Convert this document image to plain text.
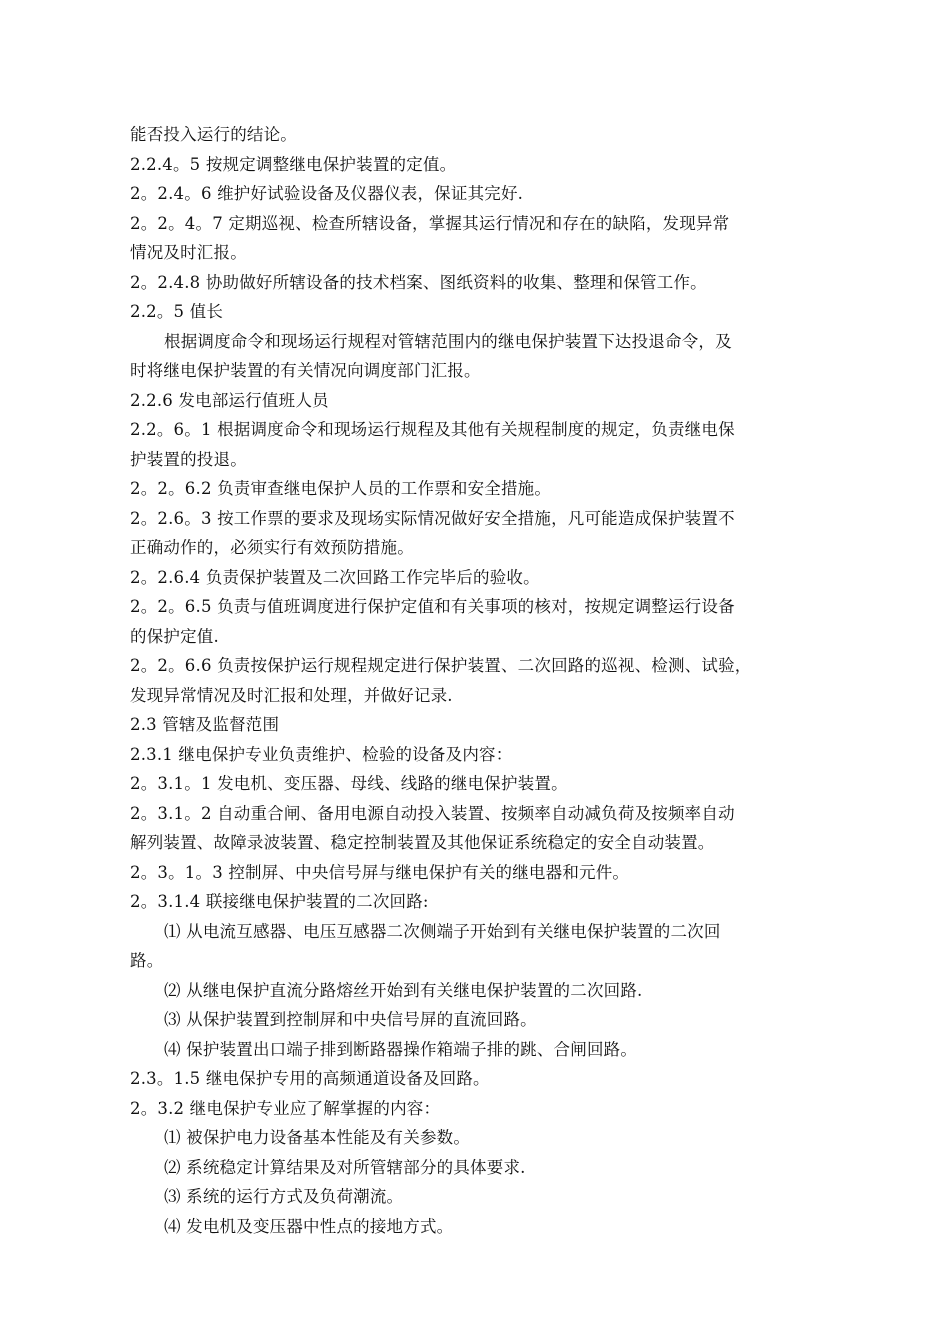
能否投入运行的结论。
2.2.4。5 按规定调整继电保护装置的定值。
2。2.4。6 维护好试验设备及仪器仪表，保证其完好.
2。2。4。7 定期巡视、检查所辖设备，掌握其运行情况和存在的缺陷，发现异常
情况及时汇报。
2。2.4.8 协助做好所辖设备的技术档案、图纸资料的收集、整理和保管工作。
2.2。5 值长
根据调度命令和现场运行规程对管辖范围内的继电保护装置下达投退命令，及
时将继电保护装置的有关情况向调度部门汇报。
2.2.6 发电部运行值班人员
2.2。6。1 根据调度命令和现场运行规程及其他有关规程制度的规定，负责继电保
护装置的投退。
2。2。6.2 负责审查继电保护人员的工作票和安全措施。
2。2.6。3 按工作票的要求及现场实际情况做好安全措施，凡可能造成保护装置不
正确动作的，必须实行有效预防措施。
2。2.6.4 负责保护装置及二次回路工作完毕后的验收。
2。2。6.5 负责与值班调度进行保护定值和有关事项的核对，按规定调整运行设备
的保护定值.
2。2。6.6 负责按保护运行规程规定进行保护装置、二次回路的巡视、检测、试验，
发现异常情况及时汇报和处理，并做好记录.
2.3 管辖及监督范围
2.3.1 继电保护专业负责维护、检验的设备及内容：
2。3.1。1 发电机、变压器、母线、线路的继电保护装置。
2。3.1。2 自动重合闸、备用电源自动投入装置、按频率自动减负荷及按频率自动
解列装置、故障录波装置、稳定控制装置及其他保证系统稳定的安全自动装置。
2。3。1。3 控制屏、中央信号屏与继电保护有关的继电器和元件。
2。3.1.4 联接继电保护装置的二次回路:
⑴ 从电流互感器、电压互感器二次侧端子开始到有关继电保护装置的二次回
路。
⑵ 从继电保护直流分路熔丝开始到有关继电保护装置的二次回路.
⑶ 从保护装置到控制屏和中央信号屏的直流回路。
⑷ 保护装置出口端子排到断路器操作箱端子排的跳、合闸回路。
2.3。1.5 继电保护专用的高频通道设备及回路。
2。3.2 继电保护专业应了解掌握的内容：
⑴ 被保护电力设备基本性能及有关参数。
⑵ 系统稳定计算结果及对所管辖部分的具体要求.
⑶ 系统的运行方式及负荷潮流。
⑷ 发电机及变压器中性点的接地方式。
